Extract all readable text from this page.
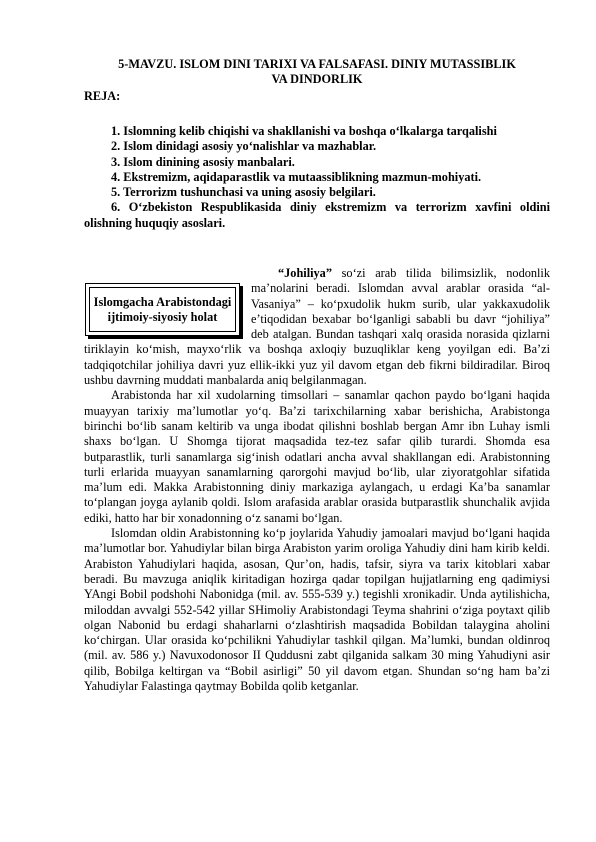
5-MAVZU. ISLOM DINI TARIXI VA FALSAFASI. DINIY MUTASSIBLIK
VA DINDORLIK
REJA:

1. Islomning kelib chiqishi va shakllanishi va boshqa o‘lkalarga tarqalishi

2. Islom dinidagi asosiy yo‘nalishlar va mazhablar.

3. Islom dinining asosiy manbalari.

4. Ekstremizm, aqidaparastlik va mutaassiblikning mazmun-mohiyati.

5. Terrorizm tushunchasi va uning asosiy belgilari.

6. O‘zbekiston Respublikasida diniy ekstremizm va terrorizm xavfini oldini olishning huquqiy asoslari.

Islomgacha Arabistondagi ijtimoiy-siyosiy holat

“Johiliya” so‘zi arab tilida bilimsizlik, nodonlik ma’nolarini beradi. Islomdan avval arablar orasida “al-Vasaniya” – ko‘pxudolik hukm surib, ular yakkaxudolik e’tiqodidan bexabar bo‘lganligi sababli bu davr “johiliya” deb atalgan. Bundan tashqari xalq orasida norasida qizlarni tiriklayin ko‘mish, mayxo‘rlik va boshqa axloqiy buzuqliklar keng yoyilgan edi. Ba’zi tadqiqotchilar johiliya davri yuz ellik-ikki yuz yil davom etgan deb fikrni bildiradilar. Biroq ushbu davrning muddati manbalarda aniq belgilanmagan.

Arabistonda har xil xudolarning timsollari – sanamlar qachon paydo bo‘lgani haqida muayyan tarixiy ma’lumotlar yo‘q. Ba’zi tarixchilarning xabar berishicha, Arabistonga birinchi bo‘lib sanam keltirib va unga ibodat qilishni boshlab bergan Amr ibn Luhay ismli shaxs bo‘lgan. U Shomga tijorat maqsadida tez-tez safar qilib turardi. Shomda esa butparastlik, turli sanamlarga sig‘inish odatlari ancha avval shakllangan edi. Arabistonning turli erlarida muayyan sanamlarning qarorgohi mavjud bo‘lib, ular ziyoratgohlar sifatida ma’lum edi. Makka Arabistonning diniy markaziga aylangach, u erdagi Ka’ba sanamlar to‘plangan joyga aylanib qoldi. Islom arafasida arablar orasida butparastlik shunchalik avjida ediki, hatto har bir xonadonning o‘z sanami bo‘lgan.

Islomdan oldin Arabistonning ko‘p joylarida Yahudiy jamoalari mavjud bo‘lgani haqida ma’lumotlar bor. Yahudiylar bilan birga Arabiston yarim oroliga Yahudiy dini ham kirib keldi. Arabiston Yahudiylari haqida, asosan, Qur’on, hadis, tafsir, siyra va tarix kitoblari xabar beradi. Bu mavzuga aniqlik kiritadigan hozirga qadar topilgan hujjatlarning eng qadimiysi YAngi Bobil podshohi Nabonidga (mil. av. 555-539 y.) tegishli xronikadir. Unda aytilishicha, miloddan avvalgi 552-542 yillar SHimoliy Arabistondagi Teyma shahrini o‘ziga poytaxt qilib olgan Nabonid bu erdagi shaharlarni o‘zlashtirish maqsadida Bobildan talaygina aholini ko‘chirgan. Ular orasida ko‘pchilikni Yahudiylar tashkil qilgan. Ma’lumki, bundan oldinroq (mil. av. 586 y.) Navuxodonosor II Quddusni zabt qilganida salkam 30 ming Yahudiyni asir qilib, Bobilga keltirgan va “Bobil asirligi” 50 yil davom etgan. Shundan so‘ng ham ba’zi Yahudiylar Falastinga qaytmay Bobilda qolib ketganlar.
